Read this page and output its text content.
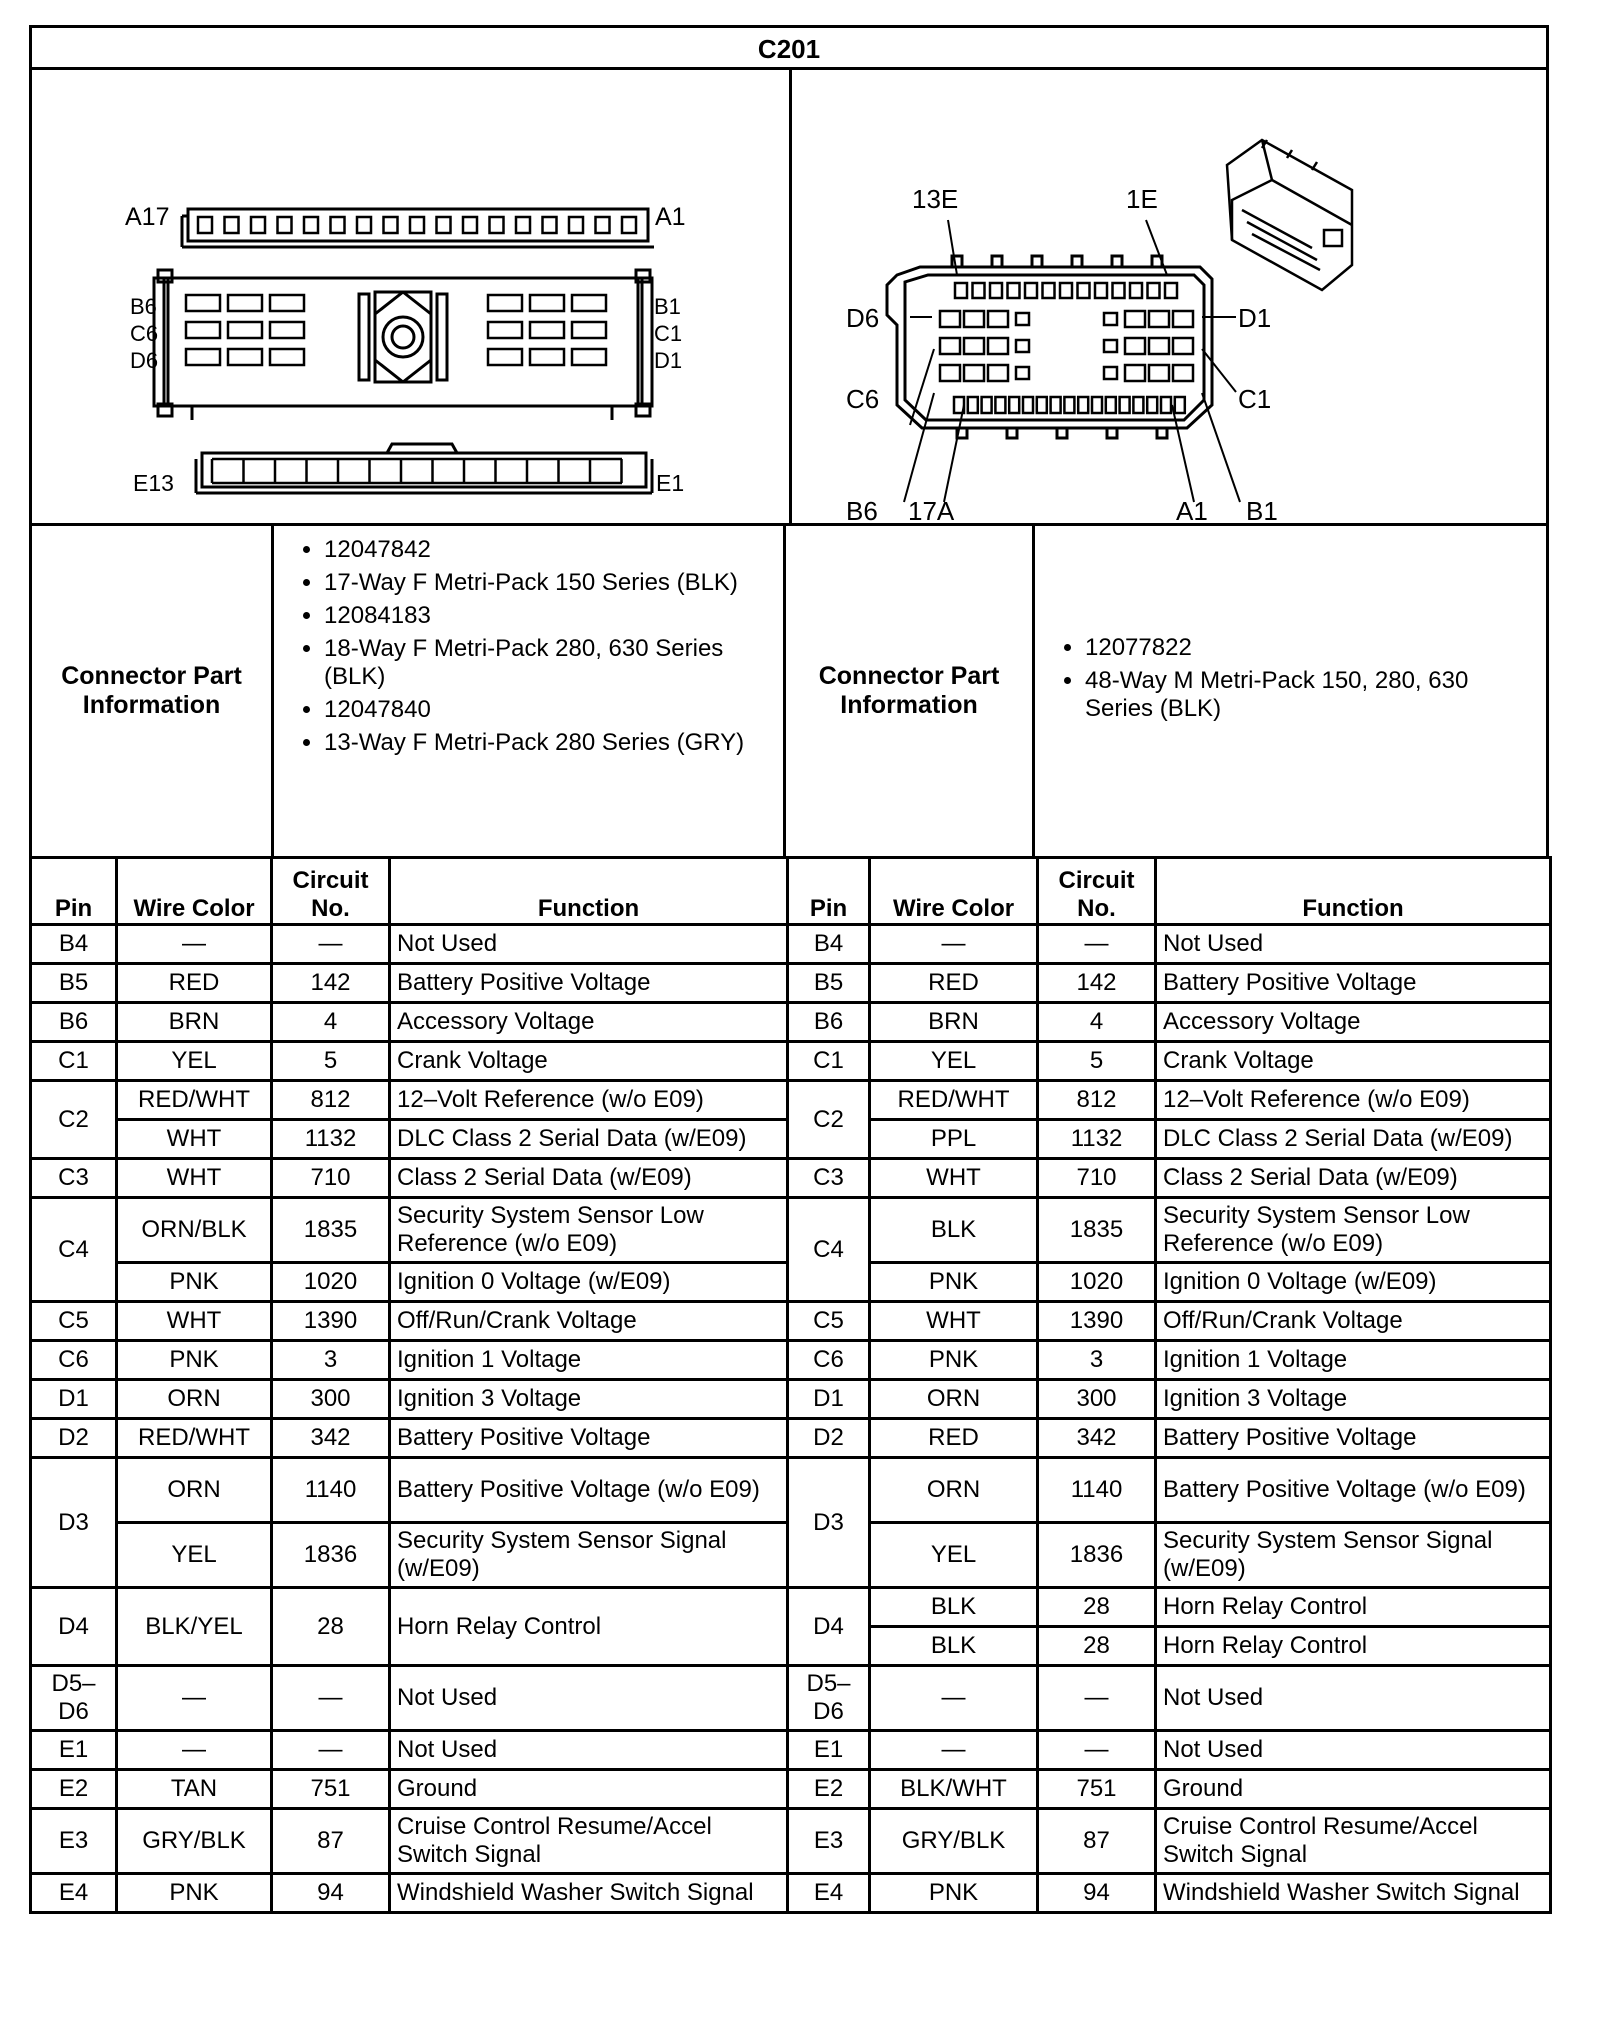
C201
A17	A1
B6
C6
D6
B1
C1
D1
E13	E1
13E	1E
D6	D1
C6	C1
B6 17A	A1 B1
Connector Part Information
• 12047842
• 17-Way F Metri-Pack 150 Series (BLK)
• 12084183
• 18-Way F Metri-Pack 280, 630 Series (BLK)
• 12047840
• 13-Way F Metri-Pack 280 Series (GRY)
Connector Part Information
• 12077822
• 48-Way M Metri-Pack 150, 280, 630 Series (BLK)
Pin	Wire Color	Circuit No.	Function	Pin	Wire Color	Circuit No.	Function
B4	—	—	Not Used	B4	—	—	Not Used
B5	RED	142	Battery Positive Voltage	B5	RED	142	Battery Positive Voltage
B6	BRN	4	Accessory Voltage	B6	BRN	4	Accessory Voltage
C1	YEL	5	Crank Voltage	C1	YEL	5	Crank Voltage
C2	RED/WHT	812	12–Volt Reference (w/o E09)	C2	RED/WHT	812	12–Volt Reference (w/o E09)
	WHT	1132	DLC Class 2 Serial Data (w/E09)		PPL	1132	DLC Class 2 Serial Data (w/E09)
C3	WHT	710	Class 2 Serial Data (w/E09)	C3	WHT	710	Class 2 Serial Data (w/E09)
C4	ORN/BLK	1835	Security System Sensor Low Reference (w/o E09)	C4	BLK	1835	Security System Sensor Low Reference (w/o E09)
	PNK	1020	Ignition 0 Voltage (w/E09)		PNK	1020	Ignition 0 Voltage (w/E09)
C5	WHT	1390	Off/Run/Crank Voltage	C5	WHT	1390	Off/Run/Crank Voltage
C6	PNK	3	Ignition 1 Voltage	C6	PNK	3	Ignition 1 Voltage
D1	ORN	300	Ignition 3 Voltage	D1	ORN	300	Ignition 3 Voltage
D2	RED/WHT	342	Battery Positive Voltage	D2	RED	342	Battery Positive Voltage
D3	ORN	1140	Battery Positive Voltage (w/o E09)	D3	ORN	1140	Battery Positive Voltage (w/o E09)
	YEL	1836	Security System Sensor Signal (w/E09)		YEL	1836	Security System Sensor Signal (w/E09)
D4	BLK/YEL	28	Horn Relay Control	D4	BLK	28	Horn Relay Control
					BLK	28	Horn Relay Control
D5–D6	—	—	Not Used	D5–D6	—	—	Not Used
E1	—	—	Not Used	E1	—	—	Not Used
E2	TAN	751	Ground	E2	BLK/WHT	751	Ground
E3	GRY/BLK	87	Cruise Control Resume/Accel Switch Signal	E3	GRY/BLK	87	Cruise Control Resume/Accel Switch Signal
E4	PNK	94	Windshield Washer Switch Signal	E4	PNK	94	Windshield Washer Switch Signal
